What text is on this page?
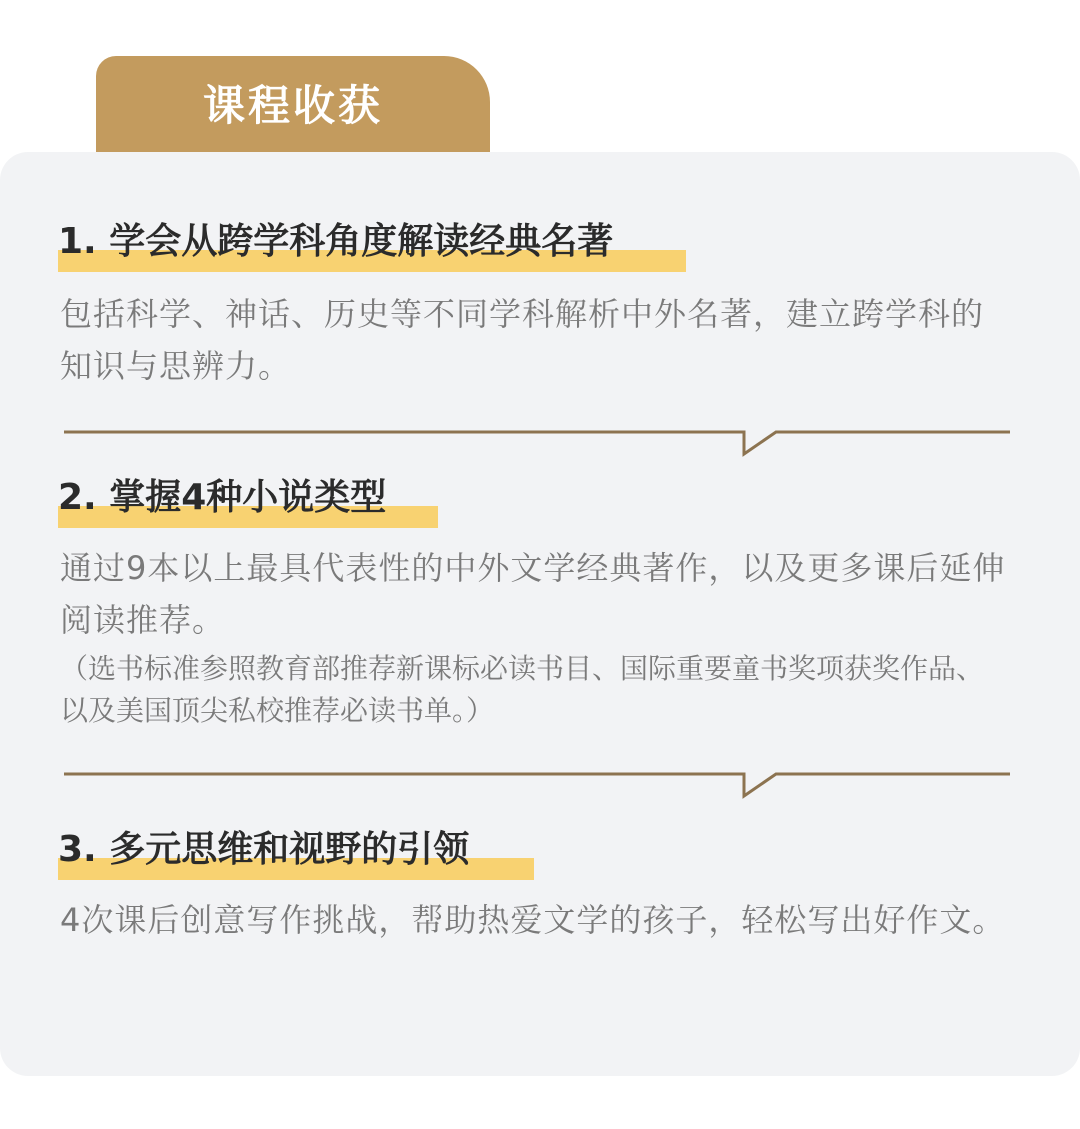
课程收获
1. 学会从跨学科角度解读经典名著
包括科学、神话、历史等不同学科解析中外名著，建立跨学科的知识与思辨力。
2. 掌握4种小说类型
通过9本以上最具代表性的中外文学经典著作，以及更多课后延伸阅读推荐。
（选书标准参照教育部推荐新课标必读书目、国际重要童书奖项获奖作品、以及美国顶尖私校推荐必读书单。）
3. 多元思维和视野的引领
4次课后创意写作挑战，帮助热爱文学的孩子，轻松写出好作文。
